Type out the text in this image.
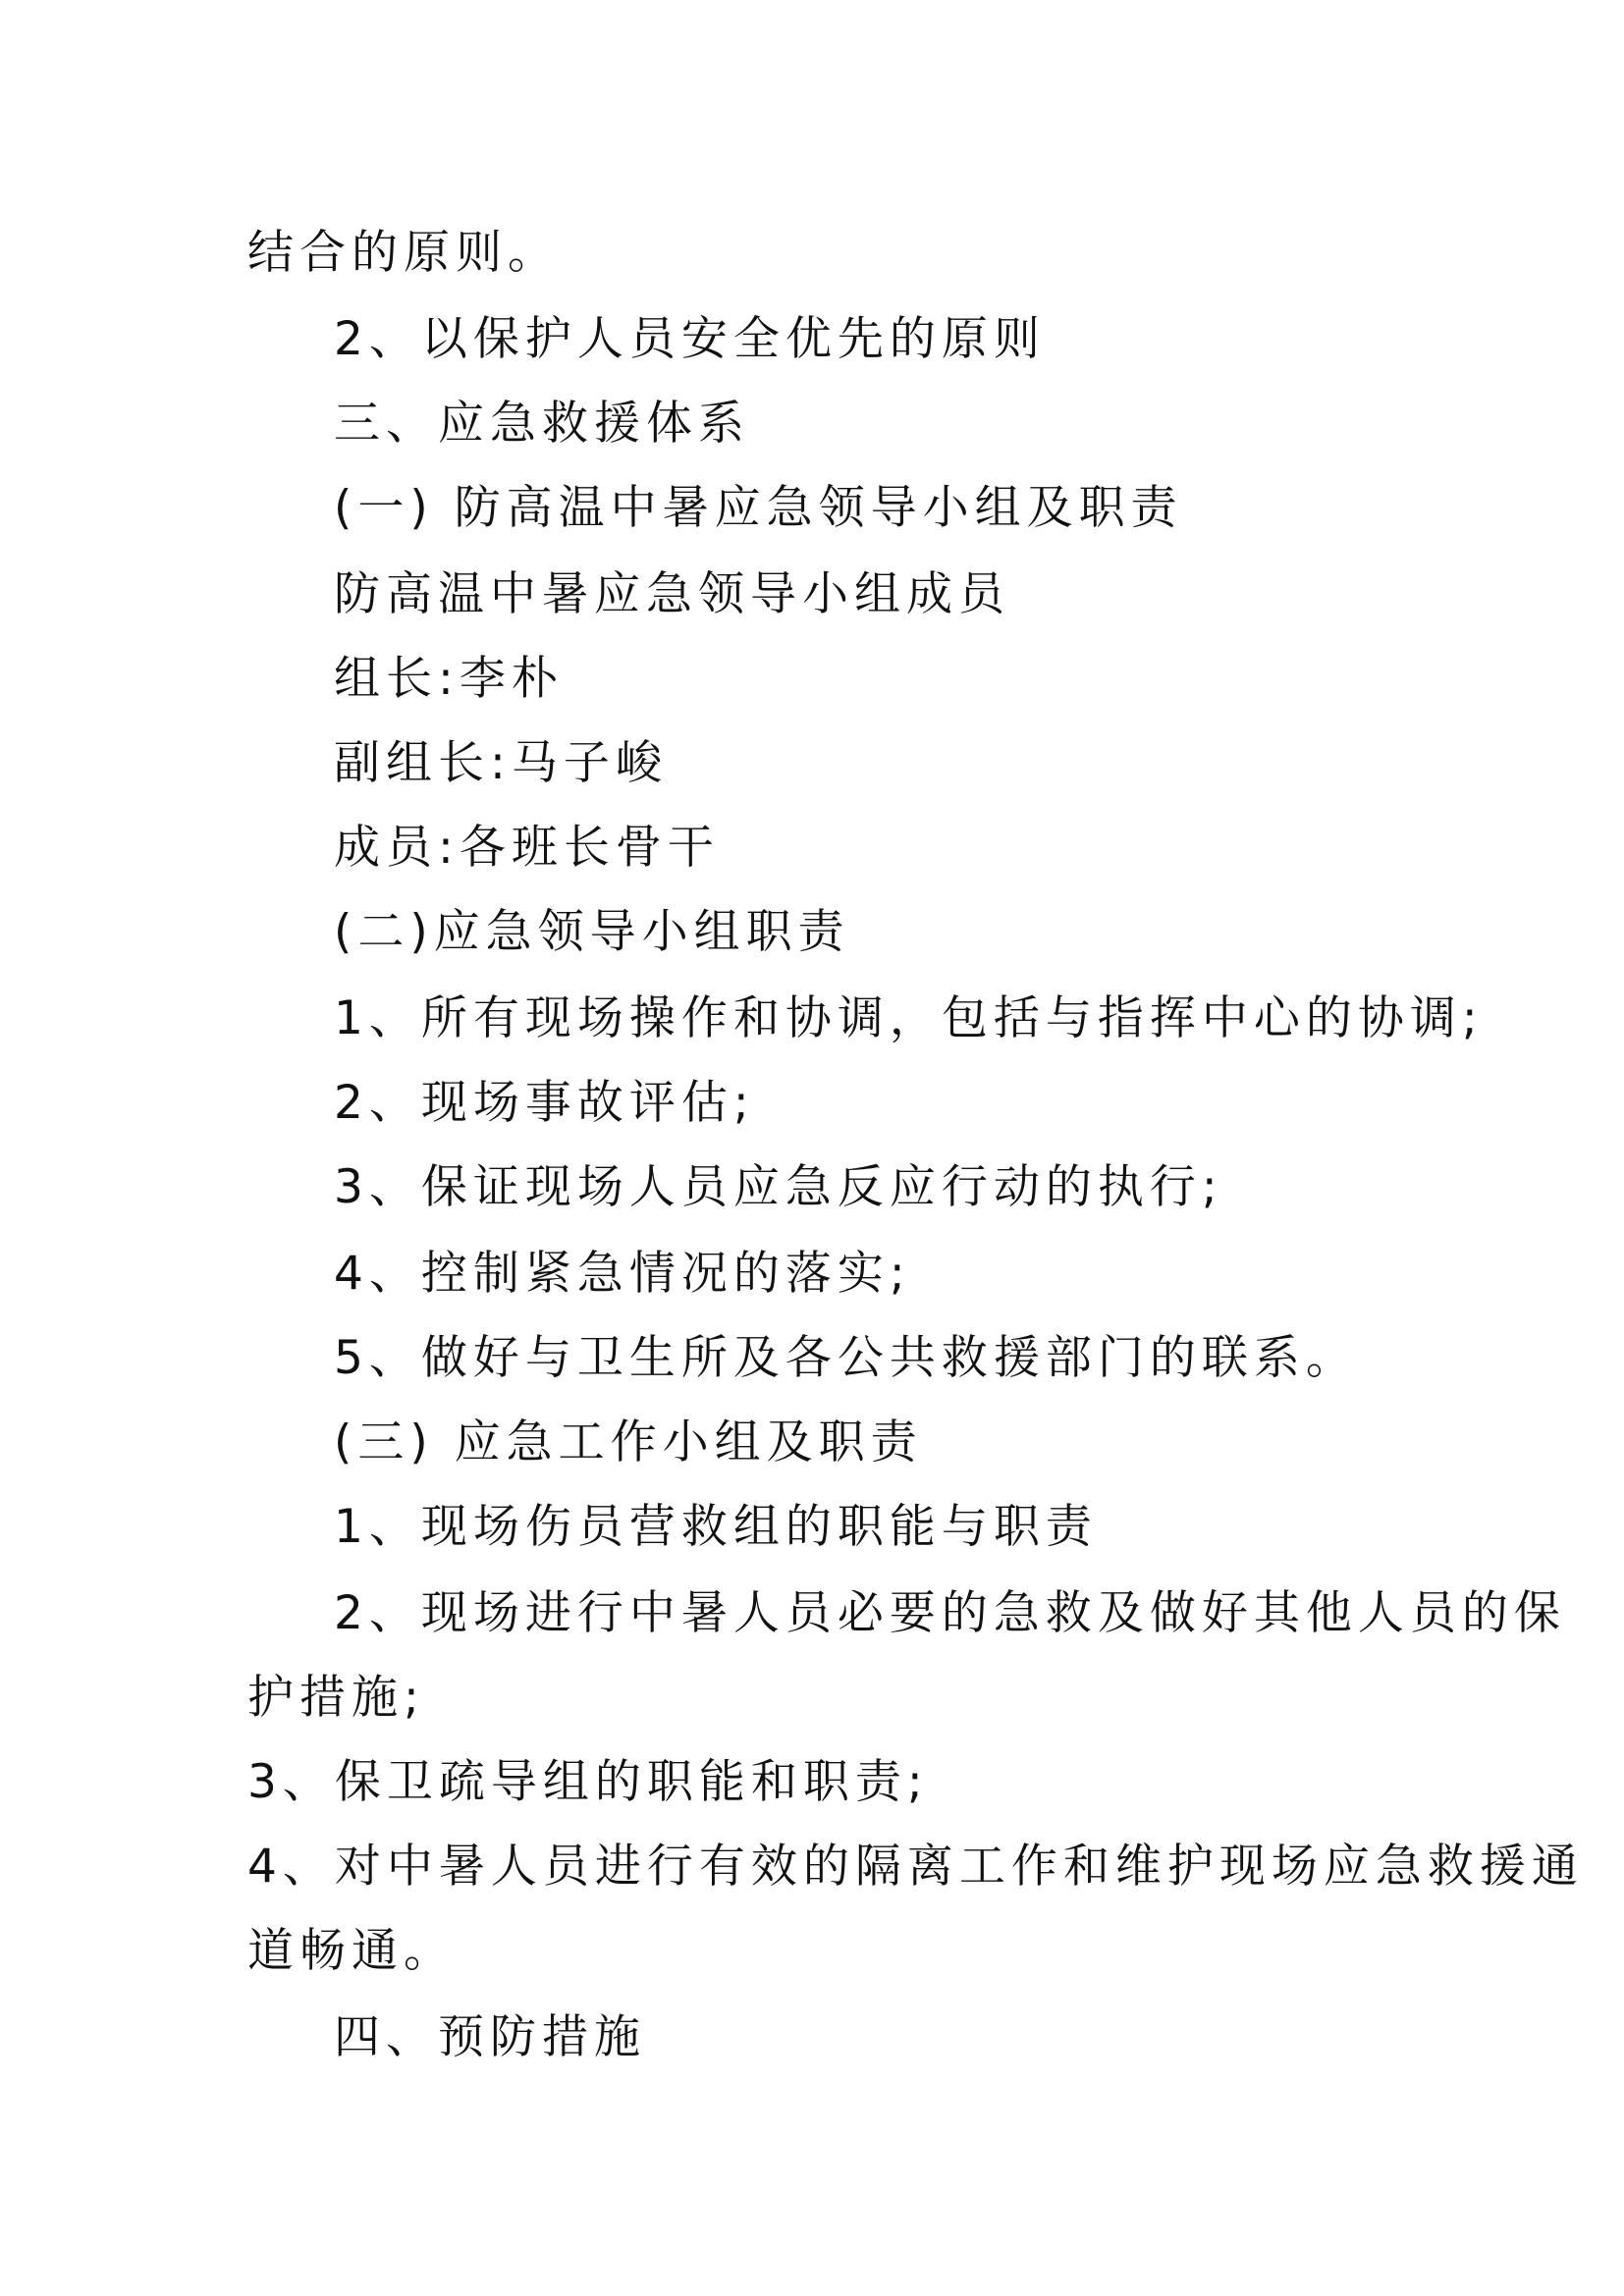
结合的原则。
2、以保护人员安全优先的原则
三、应急救援体系
(一) 防高温中暑应急领导小组及职责
防高温中暑应急领导小组成员
组长:李朴
副组长:马子峻
成员:各班长骨干
(二)应急领导小组职责
1、所有现场操作和协调，包括与指挥中心的协调;
2、现场事故评估;
3、保证现场人员应急反应行动的执行;
4、控制紧急情况的落实;
5、做好与卫生所及各公共救援部门的联系。
(三) 应急工作小组及职责
1、现场伤员营救组的职能与职责
2、现场进行中暑人员必要的急救及做好其他人员的保
护措施;
3、保卫疏导组的职能和职责;
4、对中暑人员进行有效的隔离工作和维护现场应急救援通
道畅通。
四、预防措施
